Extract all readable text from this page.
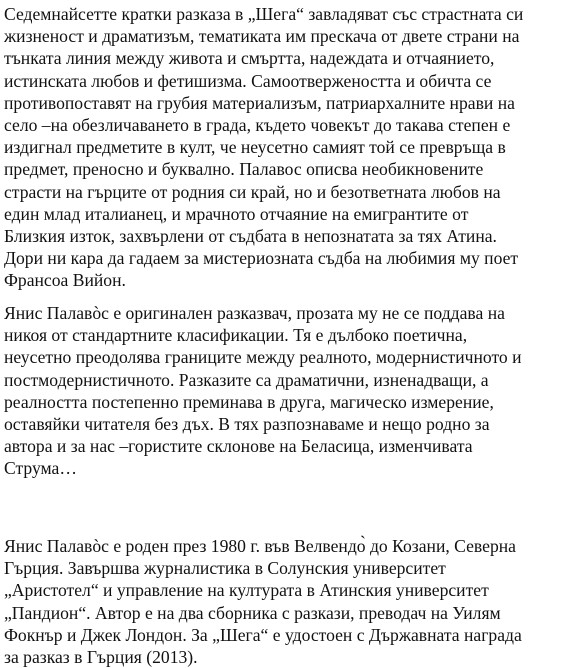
Седемнайсетте кратки разказа в „Шега“ завладяват със страстната си
жизненост и драматизъм, тематиката им прескача от двете страни на
тънката линия между живота и смъртта, надеждата и отчаянието,
истинската любов и фетишизма. Самоотвержеността и обичта се
противопоставят на грубия материализъм, патриархалните нрави на
село –на обезличаването в града, където човекът до такава степен е
издигнал предметите в култ, че неусетно самият той се превръща в
предмет, преносно и буквално. Палавос описва необикновените
страсти на гърците от родния си край, но и безответната любов на
един млад италианец, и мрачното отчаяние на емигрантите от
Близкия изток, захвърлени от съдбата в непознатата за тях Атина.
Дори ни кара да гадаем за мистериозната съдба на любимия му поет
Франсоа Вийон.

Янис Палавòс е оригинален разказвач, прозата му не се поддава на
никоя от стандартните класификации. Тя е дълбоко поетична,
неусетно преодолява границите между реалното, модернистичното и
постмодернистичното. Разказите са драматични, изненадващи, а
реалността постепенно преминава в друга, магическо измерение,
oставяйки читателя без дъх. В тях разпознаваме и нещо родно за
автора и за нас –гористите склонове на Беласица, изменчивата
Струма…

Янис Палавòс е роден през 1980 г. във Велвендо̀ до Козани, Северна
Гърция. Завършва журналистика в Солунския университет
„Аристотел“ и управление на културата в Атинския университет
„Пандион“. Автор е на два сборника с разкази, преводач на Уилям
Фокнър и Джек Лондон. За „Шега“ е удостоен с Държавната награда
за разказ в Гърция (2013).
